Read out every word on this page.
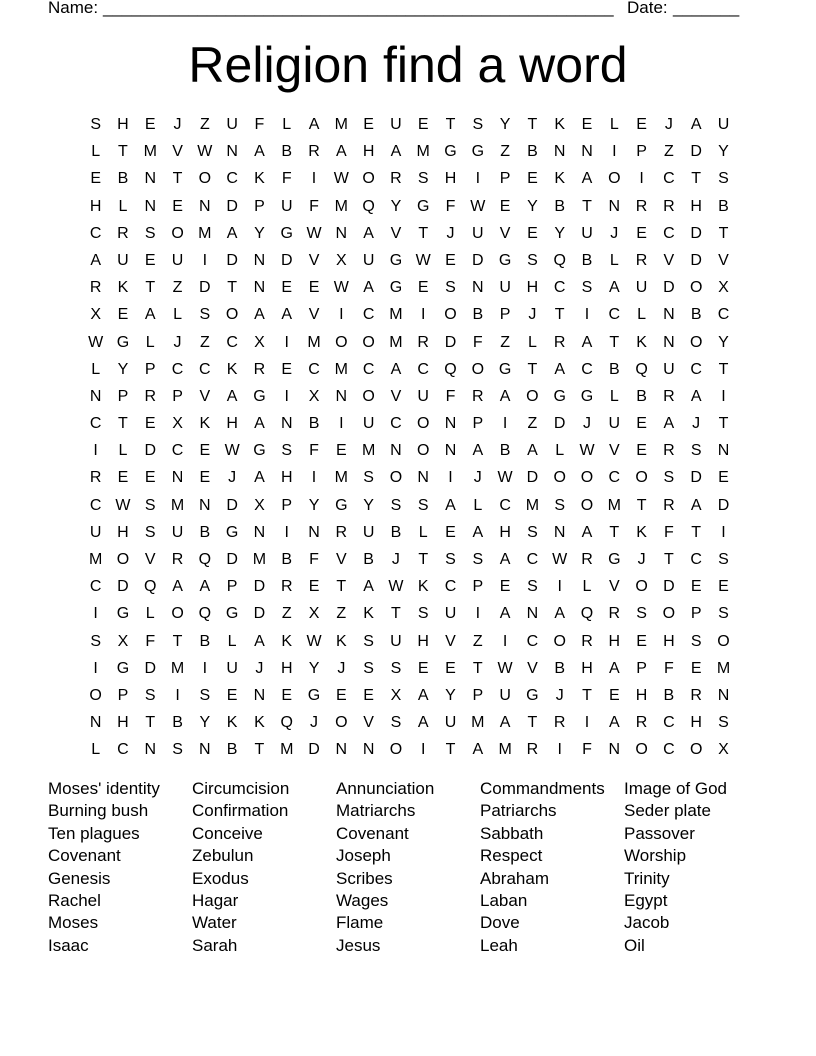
Name: ______________________________________________________ Date: _______
Religion find a word
S	H	E	J	Z	U	F	L	A M E	U	E	T	S	Y	T	K	E	L	E	J	A	U
L	T M V W N	A	B	R	A	H	A M G G	Z	B	N N	I	P	Z	D	Y
E	B	N	T	O C	K	F	I	W O R	S	H	I	P	E	K	A O	I	C	T	S
H	L	N	E	N D	P	U	F M Q Y G	F W E	Y	B	T	N R R H	B
C R	S O M A	Y G W N	A	V	T	J	U	V	E	Y	U	J	E	C D	T
A	U	E	U	I	D N D	V	X	U G W E	D G S Q B	L	R	V	D	V
R	K	T	Z	D	T	N	E	E W A G E	S	N U H C	S	A	U D O X
X	E	A	L	S O A	A	V	I	C M	I	O B	P	J	T	I	C	L	N	B	C
W G	L	J	Z	C	X	I	M O O M R D	F	Z	L	R	A	T	K	N O Y
L	Y	P	C C	K	R	E	C M C	A	C Q O G	T	A	C	B Q U C	T
N	P	R	P	V	A G	I	X	N O V	U	F	R	A O G G	L	B	R	A	I
C	T	E	X	K	H	A	N	B	I	U C O N	P	I	Z	D	J	U	E	A	J	T
I	L	D C	E W G S	F	E M N O N	A	B	A	L W V	E	R	S	N
R	E	E	N	E	J	A	H	I	M S O N	I	J W D O O C O S	D	E
C W S M N D	X	P	Y G Y	S	S	A	L	C M S O M T	R	A	D
U H	S	U	B G N	I	N R U	B	L	E	A	H	S	N	A	T	K	F	T	I
M O V	R Q D M B	F	V	B	J	T	S	S	A	C W R G	J	T	C	S
C D Q A	A	P	D R	E	T	A W K	C	P	E	S	I	L	V O D	E	E
I	G	L	O Q G D	Z	X	Z	K	T	S	U	I	A	N	A Q R	S O P	S
S	X	F	T	B	L	A	K W K	S	U H	V	Z	I	C O R H	E	H	S O
I	G D M	I	U	J	H	Y	J	S	S	E	E	T W V	B	H	A	P	F	E M
O P	S	I	S	E	N	E G E	E	X	A	Y	P	U G	J	T	E	H	B	R N
N H	T	B	Y	K	K Q	J	O V	S	A	U M A	T	R	I	A	R C H	S
L	C N	S	N	B	T M D N N O	I	T	A M R	I	F	N O C O X
Moses' identity	Circumcision	Annunciation	Commandments	Image of God
Burning bush	Confirmation	Matriarchs	Patriarchs	Seder plate
Ten plagues	Conceive	Covenant	Sabbath	Passover
Covenant	Zebulun	Joseph	Respect	Worship
Genesis	Exodus	Scribes	Abraham	Trinity
Rachel	Hagar	Wages	Laban	Egypt
Moses	Water	Flame	Dove	Jacob
Isaac	Sarah	Jesus	Leah	Oil
